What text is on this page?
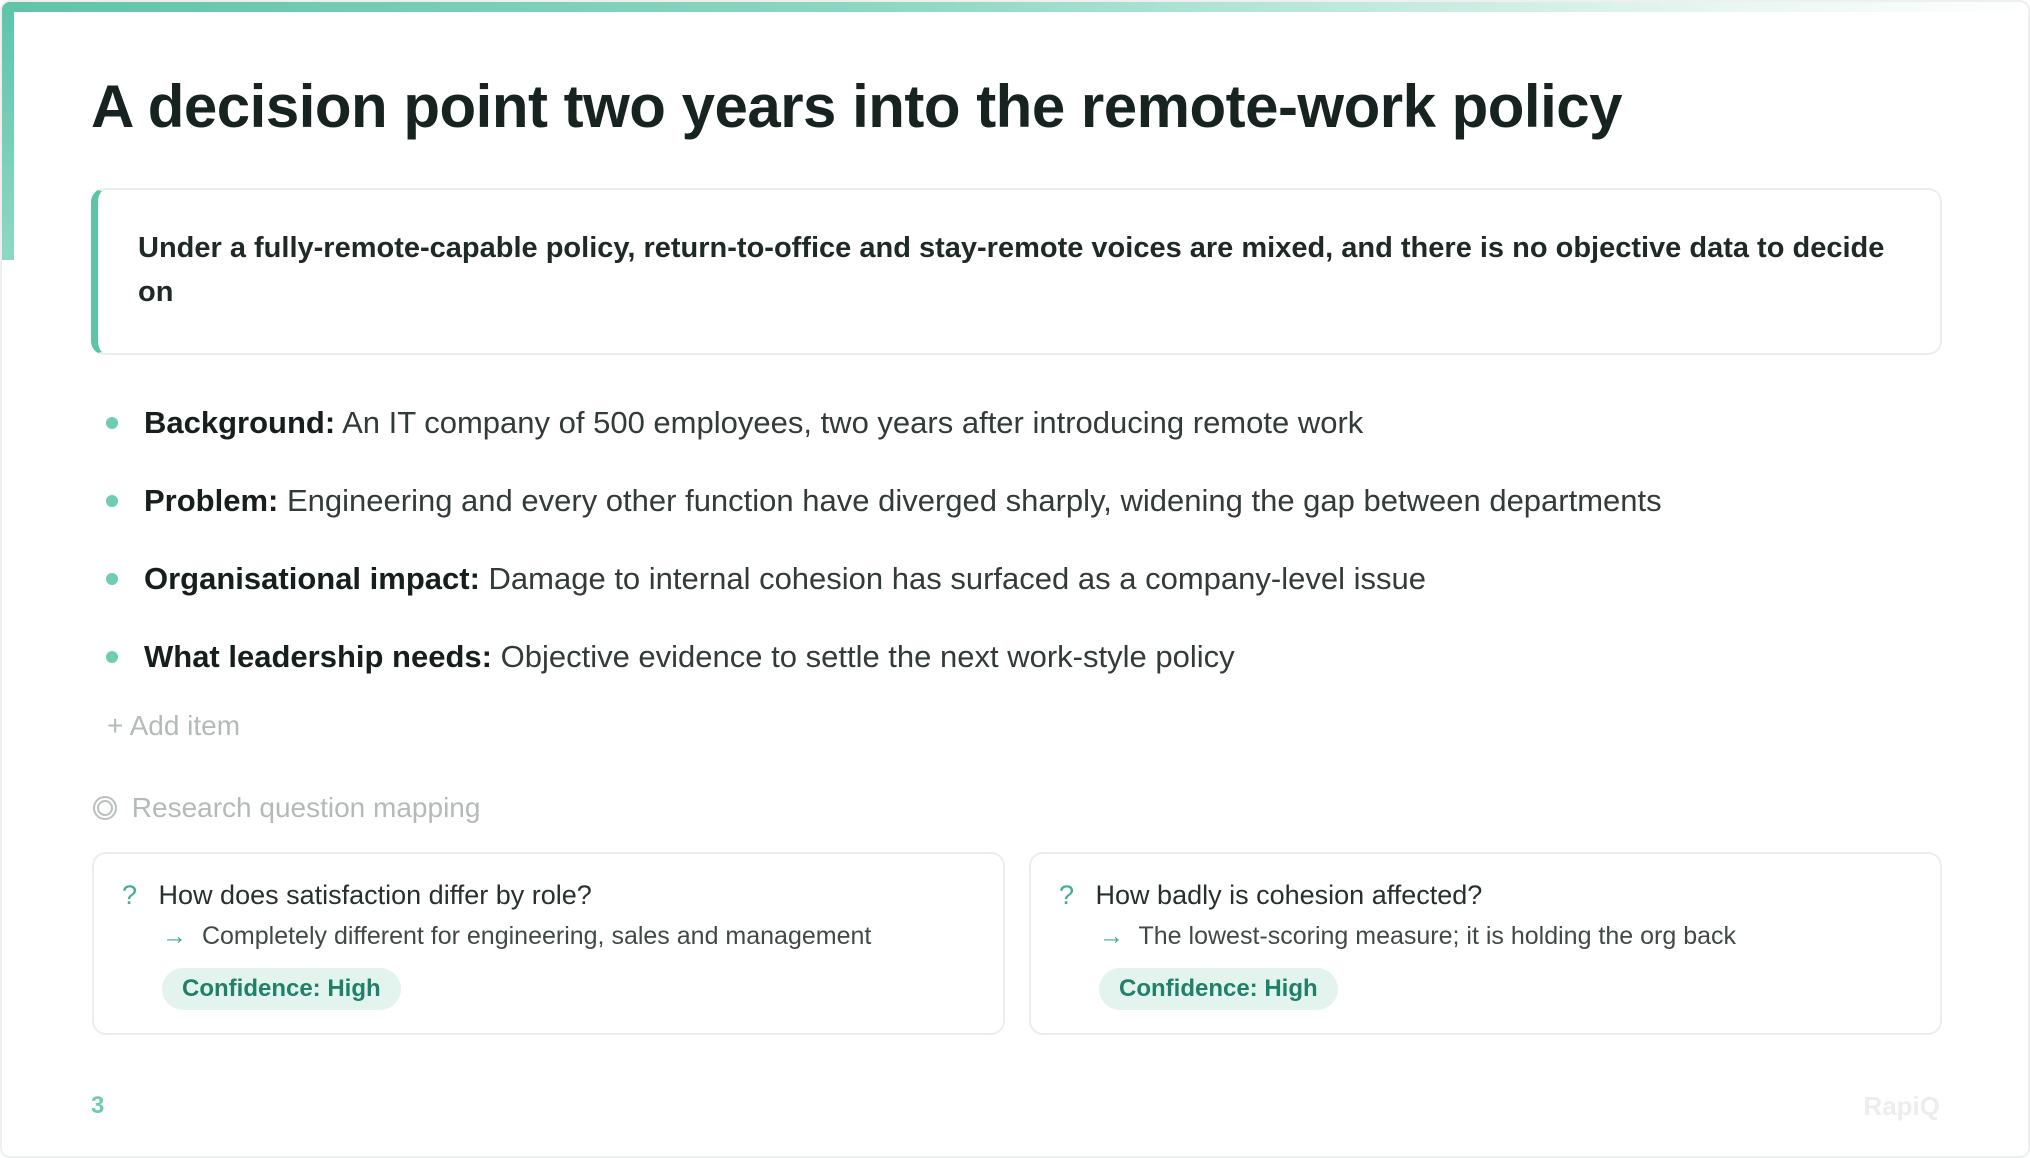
A decision point two years into the remote-work policy
Under a fully-remote-capable policy, return-to-office and stay-remote voices are mixed, and there is no objective data to decide on
Background: An IT company of 500 employees, two years after introducing remote work
Problem: Engineering and every other function have diverged sharply, widening the gap between departments
Organisational impact: Damage to internal cohesion has surfaced as a company-level issue
What leadership needs: Objective evidence to settle the next work-style policy
+ Add item
Research question mapping
? How does satisfaction differ by role?
→ Completely different for engineering, sales and management
Confidence: High
? How badly is cohesion affected?
→ The lowest-scoring measure; it is holding the org back
Confidence: High
3	RapiQ
